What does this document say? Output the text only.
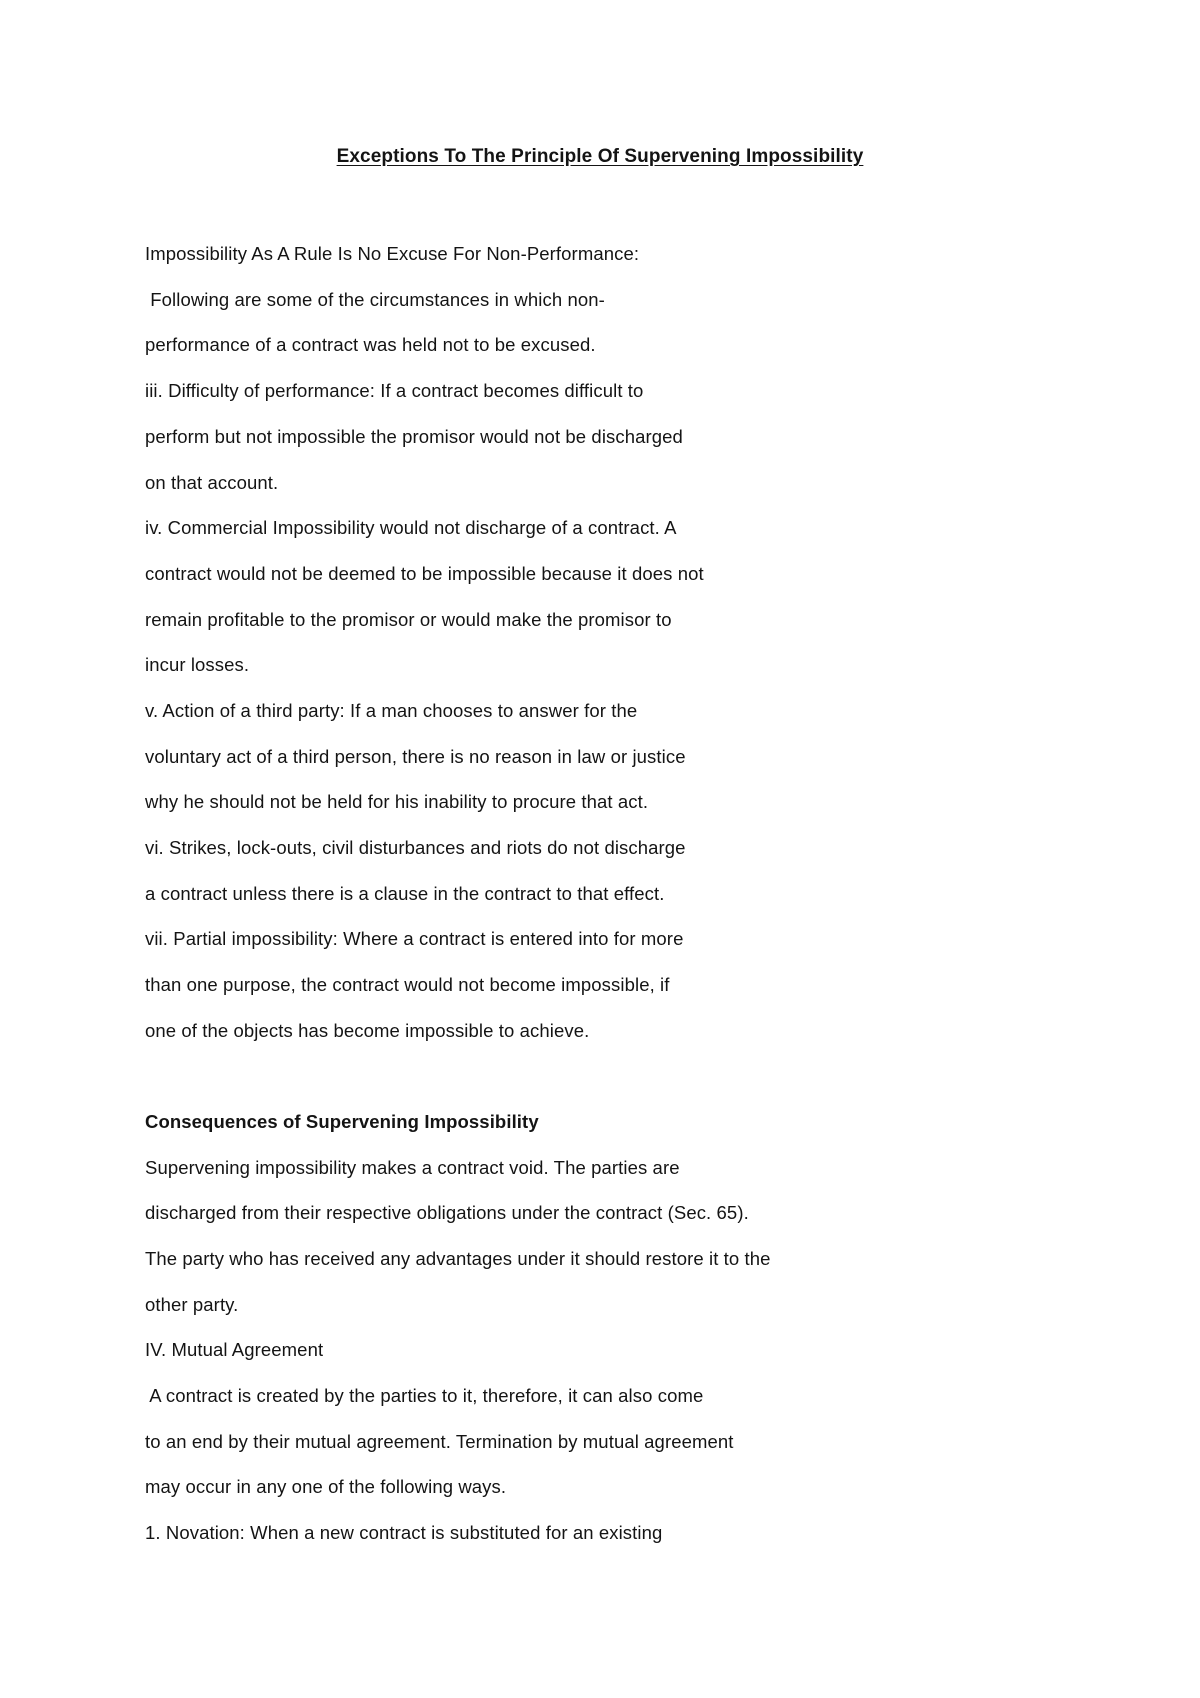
Exceptions To The Principle Of Supervening Impossibility
Impossibility As A Rule Is No Excuse For Non-Performance:
Following are some of the circumstances in which non-
performance of a contract was held not to be excused.
iii. Difficulty of performance: If a contract becomes difficult to
perform but not impossible the promisor would not be discharged
on that account.
iv. Commercial Impossibility would not discharge of a contract. A
contract would not be deemed to be impossible because it does not
remain profitable to the promisor or would make the promisor to
incur losses.
v. Action of a third party: If a man chooses to answer for the
voluntary act of a third person, there is no reason in law or justice
why he should not be held for his inability to procure that act.
vi. Strikes, lock-outs, civil disturbances and riots do not discharge
a contract unless there is a clause in the contract to that effect.
vii. Partial impossibility: Where a contract is entered into for more
than one purpose, the contract would not become impossible, if
one of the objects has become impossible to achieve.
Consequences of Supervening Impossibility
Supervening impossibility makes a contract void. The parties are
discharged from their respective obligations under the contract (Sec. 65).
The party who has received any advantages under it should restore it to the
other party.
IV. Mutual Agreement
A contract is created by the parties to it, therefore, it can also come
to an end by their mutual agreement. Termination by mutual agreement
may occur in any one of the following ways.
1. Novation: When a new contract is substituted for an existing
